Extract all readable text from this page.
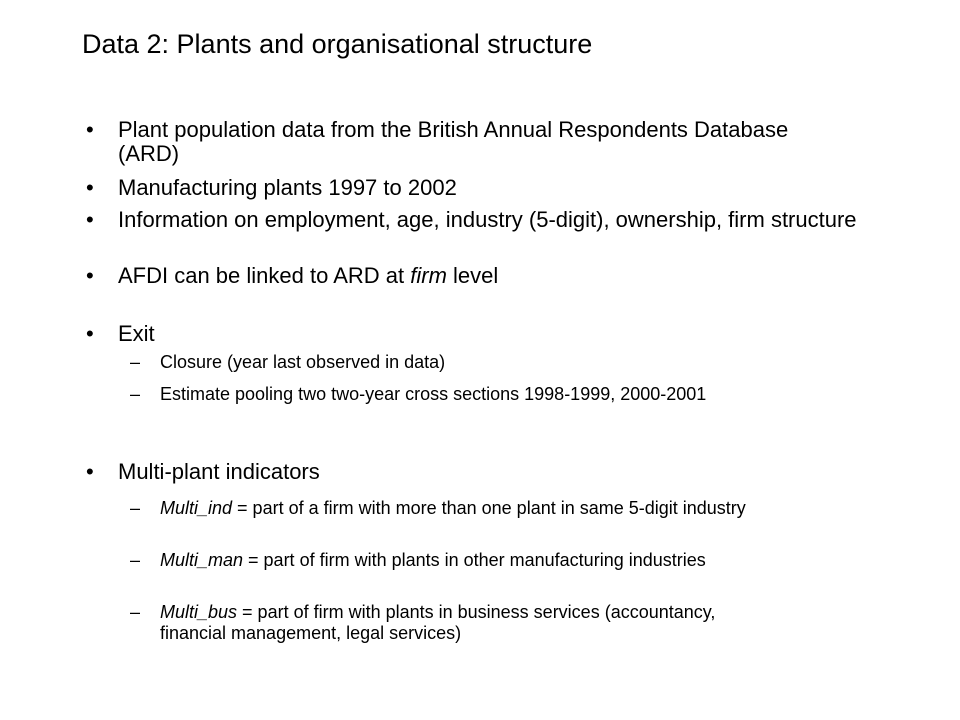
Data 2: Plants and organisational structure
• Plant population data from the British Annual Respondents Database (ARD)
• Manufacturing plants 1997 to 2002
• Information on employment, age, industry (5-digit), ownership, firm structure
• AFDI can be linked to ARD at firm level
• Exit
– Closure (year last observed in data)
– Estimate pooling two two-year cross sections 1998-1999, 2000-2001
• Multi-plant indicators
– Multi_ind = part of a firm with more than one plant in same 5-digit industry
– Multi_man = part of firm with plants in other manufacturing industries
– Multi_bus = part of firm with plants in business services (accountancy, financial management, legal services)
